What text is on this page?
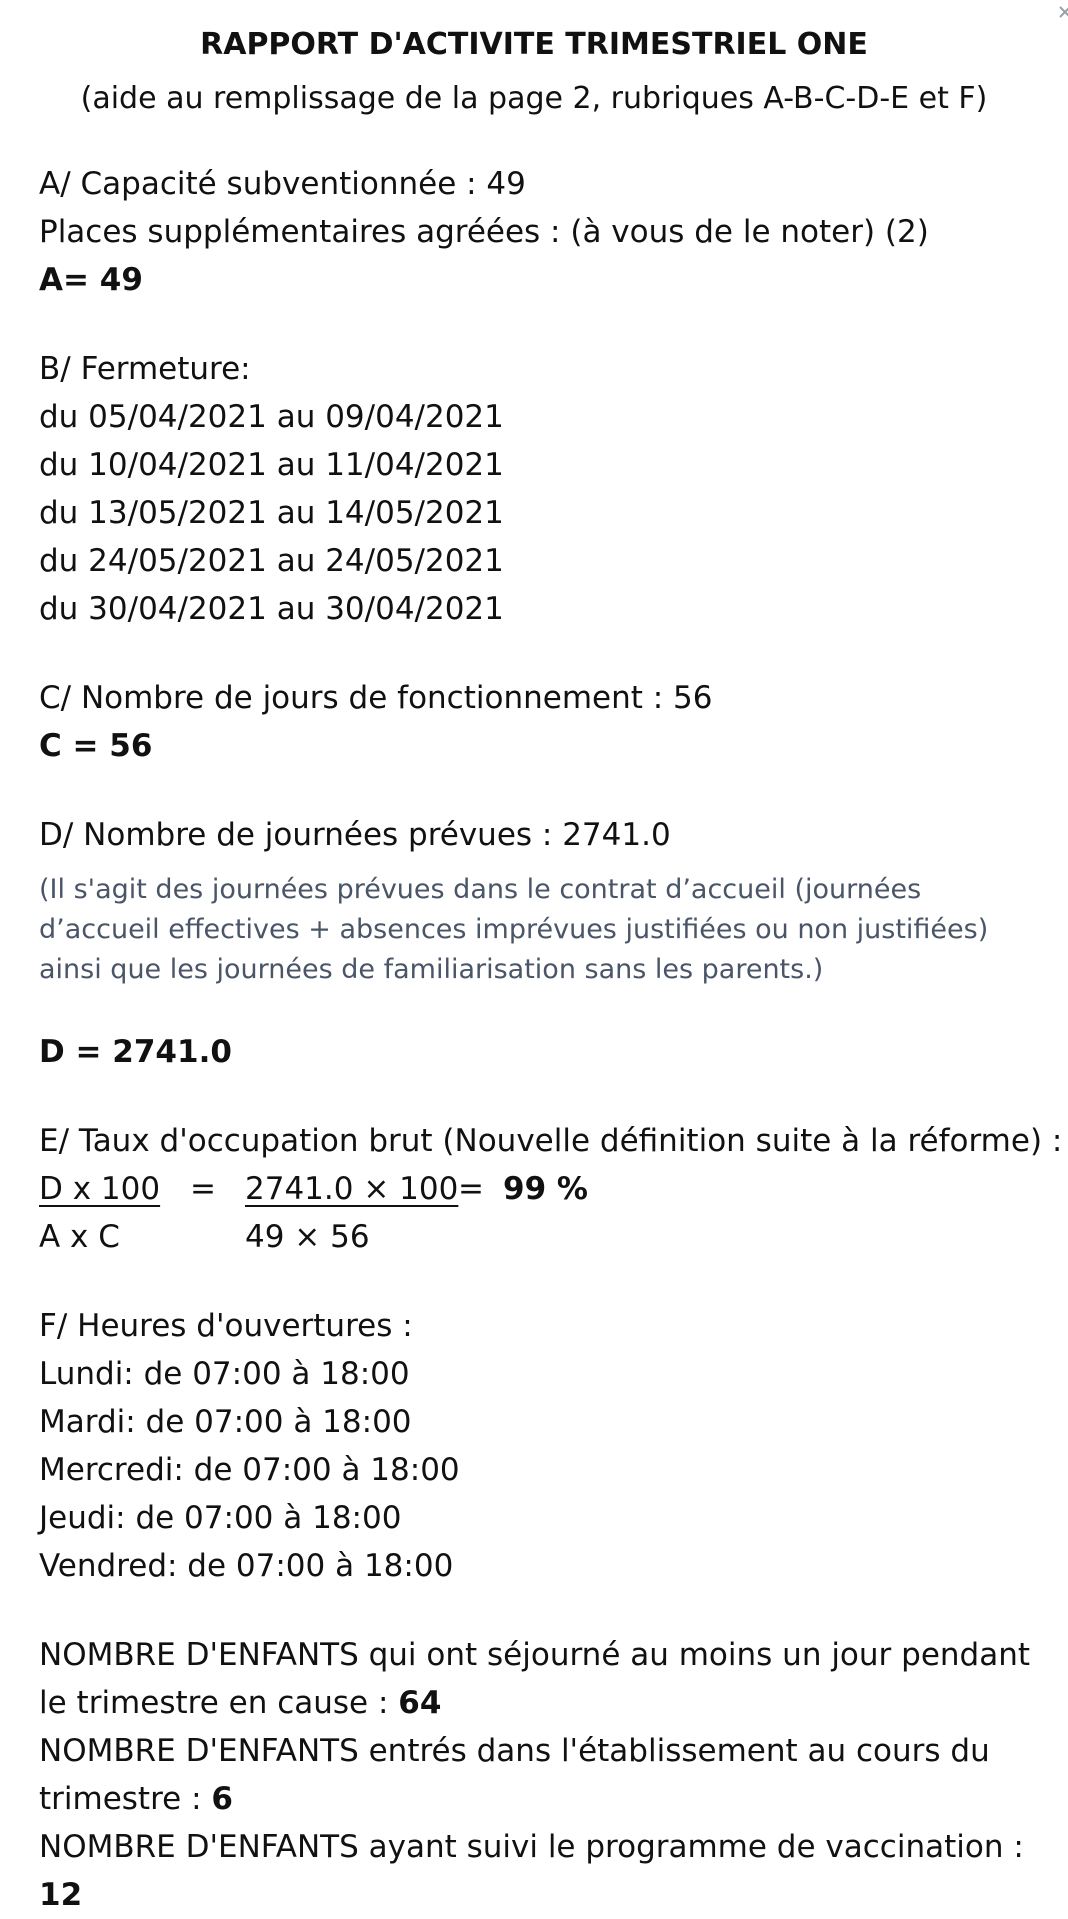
RAPPORT D'ACTIVITE TRIMESTRIEL ONE
(aide au remplissage de la page 2, rubriques A-B-C-D-E et F)
A/ Capacité subventionnée : 49
Places supplémentaires agréées : (à vous de le noter) (2)
A= 49
B/ Fermeture:
du 05/04/2021 au 09/04/2021
du 10/04/2021 au 11/04/2021
du 13/05/2021 au 14/05/2021
du 24/05/2021 au 24/05/2021
du 30/04/2021 au 30/04/2021
C/ Nombre de jours de fonctionnement : 56
C = 56
D/ Nombre de journées prévues : 2741.0
(Il s'agit des journées prévues dans le contrat d’accueil (journées d’accueil effectives + absences imprévues justifiées ou non justifiées) ainsi que les journées de familiarisation sans les parents.)
D = 2741.0
E/ Taux d'occupation brut (Nouvelle définition suite à la réforme) :
D x 100 = 2741.0 × 100 = 99 %
A x C	49 × 56
F/ Heures d'ouvertures :
Lundi: de 07:00 à 18:00
Mardi: de 07:00 à 18:00
Mercredi: de 07:00 à 18:00
Jeudi: de 07:00 à 18:00
Vendred: de 07:00 à 18:00
NOMBRE D'ENFANTS qui ont séjourné au moins un jour pendant le trimestre en cause : 64
NOMBRE D'ENFANTS entrés dans l'établissement au cours du trimestre : 6
NOMBRE D'ENFANTS ayant suivi le programme de vaccination : 12
